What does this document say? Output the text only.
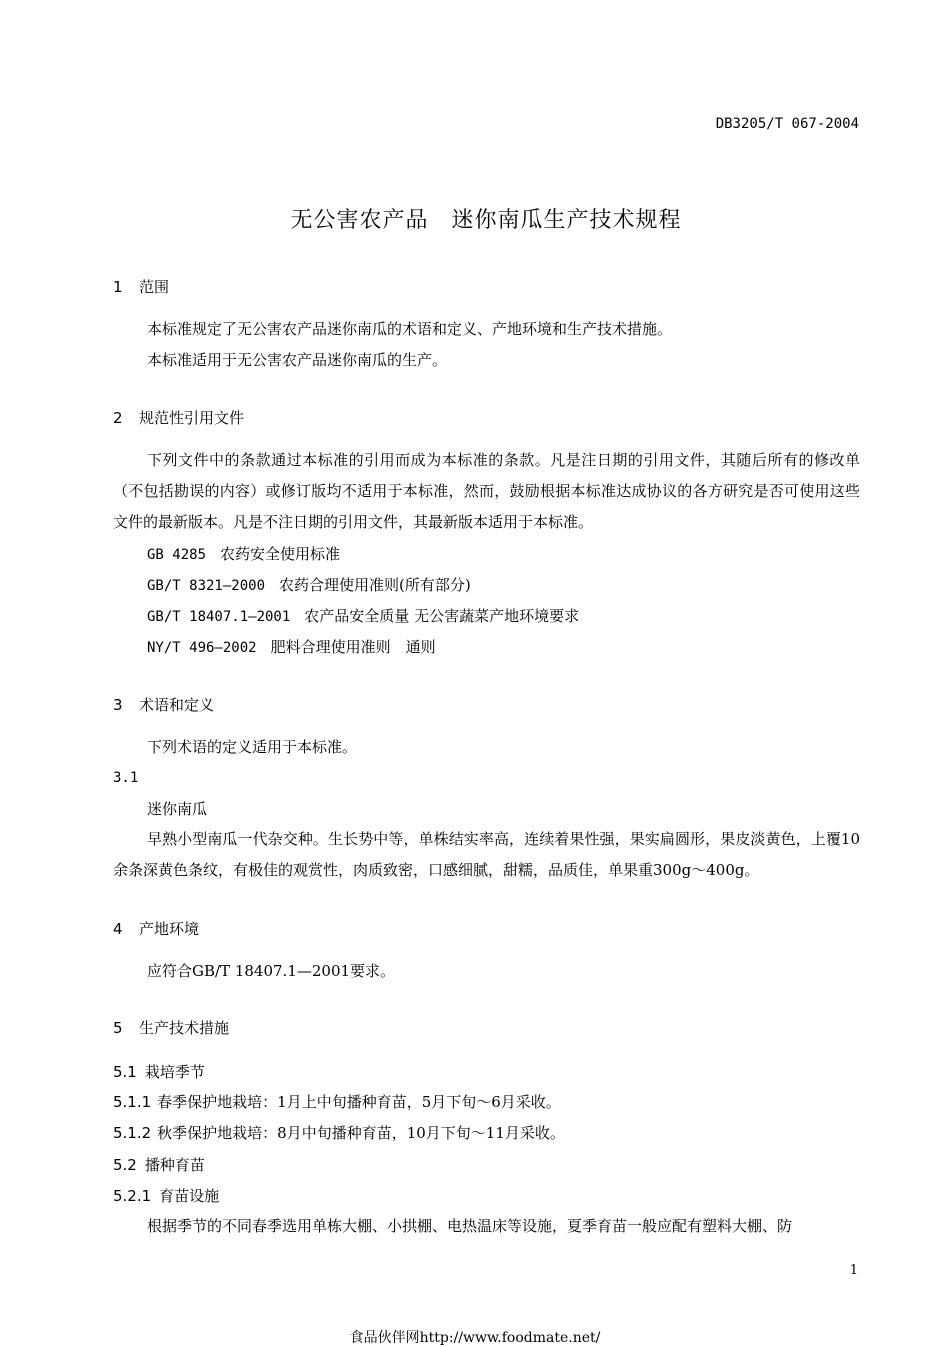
DB3205/T 067-2004
无公害农产品　迷你南瓜生产技术规程
1 范围
本标准规定了无公害农产品迷你南瓜的术语和定义、产地环境和生产技术措施。
本标准适用于无公害农产品迷你南瓜的生产。
2 规范性引用文件
下列文件中的条款通过本标准的引用而成为本标准的条款。凡是注日期的引用文件，其随后所有的修改单（不包括勘误的内容）或修订版均不适用于本标准，然而，鼓励根据本标准达成协议的各方研究是否可使用这些文件的最新版本。凡是不注日期的引用文件，其最新版本适用于本标准。
GB 4285 农药安全使用标准
GB/T 8321—2000 农药合理使用准则(所有部分)
GB/T 18407.1—2001 农产品安全质量 无公害蔬菜产地环境要求
NY/T 496—2002 肥料合理使用准则　通则
3 术语和定义
下列术语的定义适用于本标准。
3.1
迷你南瓜
早熟小型南瓜一代杂交种。生长势中等，单株结实率高，连续着果性强，果实扁圆形，果皮淡黄色，上覆10余条深黄色条纹，有极佳的观赏性，肉质致密，口感细腻，甜糯，品质佳，单果重300g～400g。
4 产地环境
应符合GB/T 18407.1—2001要求。
5 生产技术措施
5.1 栽培季节
5.1.1 春季保护地栽培：1月上中旬播种育苗，5月下旬～6月采收。
5.1.2 秋季保护地栽培：8月中旬播种育苗，10月下旬～11月采收。
5.2 播种育苗
5.2.1 育苗设施
根据季节的不同春季选用单栋大棚、小拱棚、电热温床等设施，夏季育苗一般应配有塑料大棚、防
1
食品伙伴网http://www.foodmate.net/
